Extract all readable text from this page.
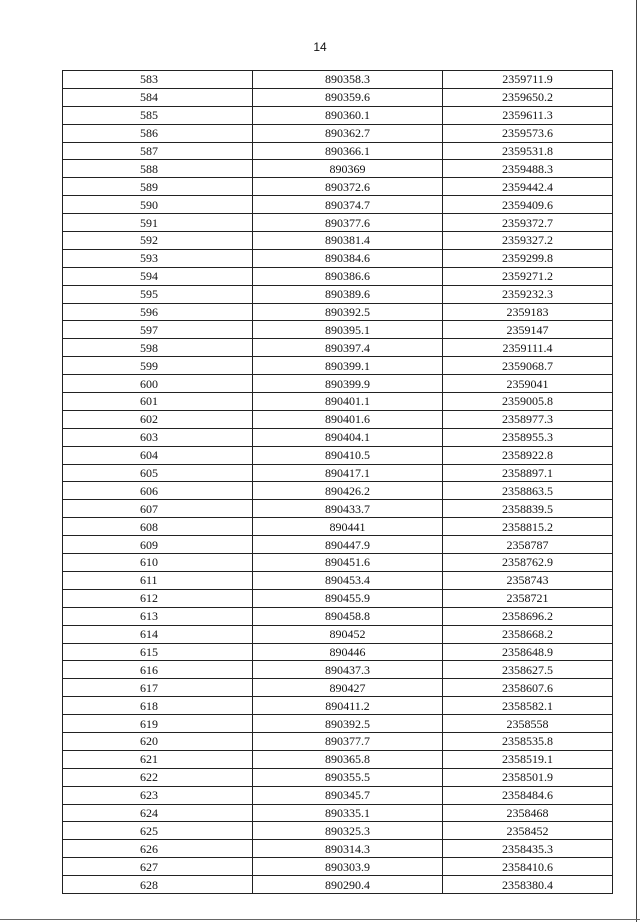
14
583	890358.3	2359711.9
584	890359.6	2359650.2
585	890360.1	2359611.3
586	890362.7	2359573.6
587	890366.1	2359531.8
588	890369	2359488.3
589	890372.6	2359442.4
590	890374.7	2359409.6
591	890377.6	2359372.7
592	890381.4	2359327.2
593	890384.6	2359299.8
594	890386.6	2359271.2
595	890389.6	2359232.3
596	890392.5	2359183
597	890395.1	2359147
598	890397.4	2359111.4
599	890399.1	2359068.7
600	890399.9	2359041
601	890401.1	2359005.8
602	890401.6	2358977.3
603	890404.1	2358955.3
604	890410.5	2358922.8
605	890417.1	2358897.1
606	890426.2	2358863.5
607	890433.7	2358839.5
608	890441	2358815.2
609	890447.9	2358787
610	890451.6	2358762.9
611	890453.4	2358743
612	890455.9	2358721
613	890458.8	2358696.2
614	890452	2358668.2
615	890446	2358648.9
616	890437.3	2358627.5
617	890427	2358607.6
618	890411.2	2358582.1
619	890392.5	2358558
620	890377.7	2358535.8
621	890365.8	2358519.1
622	890355.5	2358501.9
623	890345.7	2358484.6
624	890335.1	2358468
625	890325.3	2358452
626	890314.3	2358435.3
627	890303.9	2358410.6
628	890290.4	2358380.4
